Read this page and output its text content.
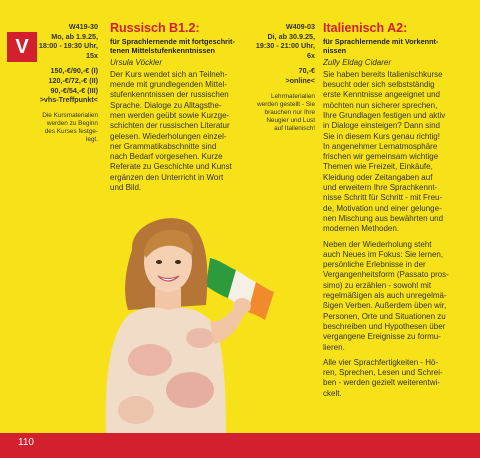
V
W419-30
Mo, ab 1.9.25,
18:00 - 19:30 Uhr,
15x
150,-€/90,-€ (I)
120,-€/72,-€ (II)
90,-€/54,-€ (III)
>vhs-Treffpunkt<
Die Kursmaterialien
werden zu Beginn
des Kurses festge-
legt.
Russisch B1.2:
für Sprachlernende mit fortgeschrit-
tenen Mittelstufenkenntnissen
Ursula Vöckler
Der Kurs wendet sich an Teilneh-
mende mit grundlegenden Mittel-
stufenkenntnissen der russischen
Sprache. Dialoge zu Alltagsthe-
men werden geübt sowie Kurzge-
schichten der russischen Literatur
gelesen. Wiederholungen einzel-
ner Grammatikabschnitte sind
nach Bedarf vorgesehen. Kurze
Referate zu Geschichte und Kunst
ergänzen den Unterricht in Wort
und Bild.
W409-03
Di, ab 30.9.25,
19:30 - 21:00 Uhr,
6x
70,-€
>online<
Lehrmaterialien
werden gestellt - Sie
brauchen nur Ihre
Neugier und Lust
auf Italienisch!
Italienisch A2:
für Sprachlernende mit Vorkennt-
nissen
Zully Eldag Cidarer
Sie haben bereits Italienischkurse
besucht oder sich selbstständig
erste Kenntnisse angeeignet und
möchten nun sicherer sprechen,
Ihre Grundlagen festigen und aktiv
in Dialoge einsteigen? Dann sind
Sie in diesem Kurs genau richtig!
In angenehmer Lernatmosphäre
frischen wir gemeinsam wichtige
Themen wie Freizeit, Einkäufe,
Kleidung oder Zeitangaben auf
und erweitern Ihre Sprachkennt-
nisse Schritt für Schritt - mit Freu-
de, Motivation und einer gelunge-
nen Mischung aus bewährten und
modernen Methoden.
Neben der Wiederholung steht
auch Neues im Fokus: Sie lernen,
persönliche Erlebnisse in der
Vergangenheitsform (Passato pros-
simo) zu erzählen - sowohl mit
regelmäßigen als auch unregelmä-
ßigen Verben. Außerdem üben wir,
Personen, Orte und Situationen zu
beschreiben und Hypothesen über
vergangene Ereignisse zu formu-
lieren.
Alle vier Sprachfertigkeiten - Hö-
ren, Sprechen, Lesen und Schrei-
ben - werden gezielt weiterentwi-
ckelt.
110
